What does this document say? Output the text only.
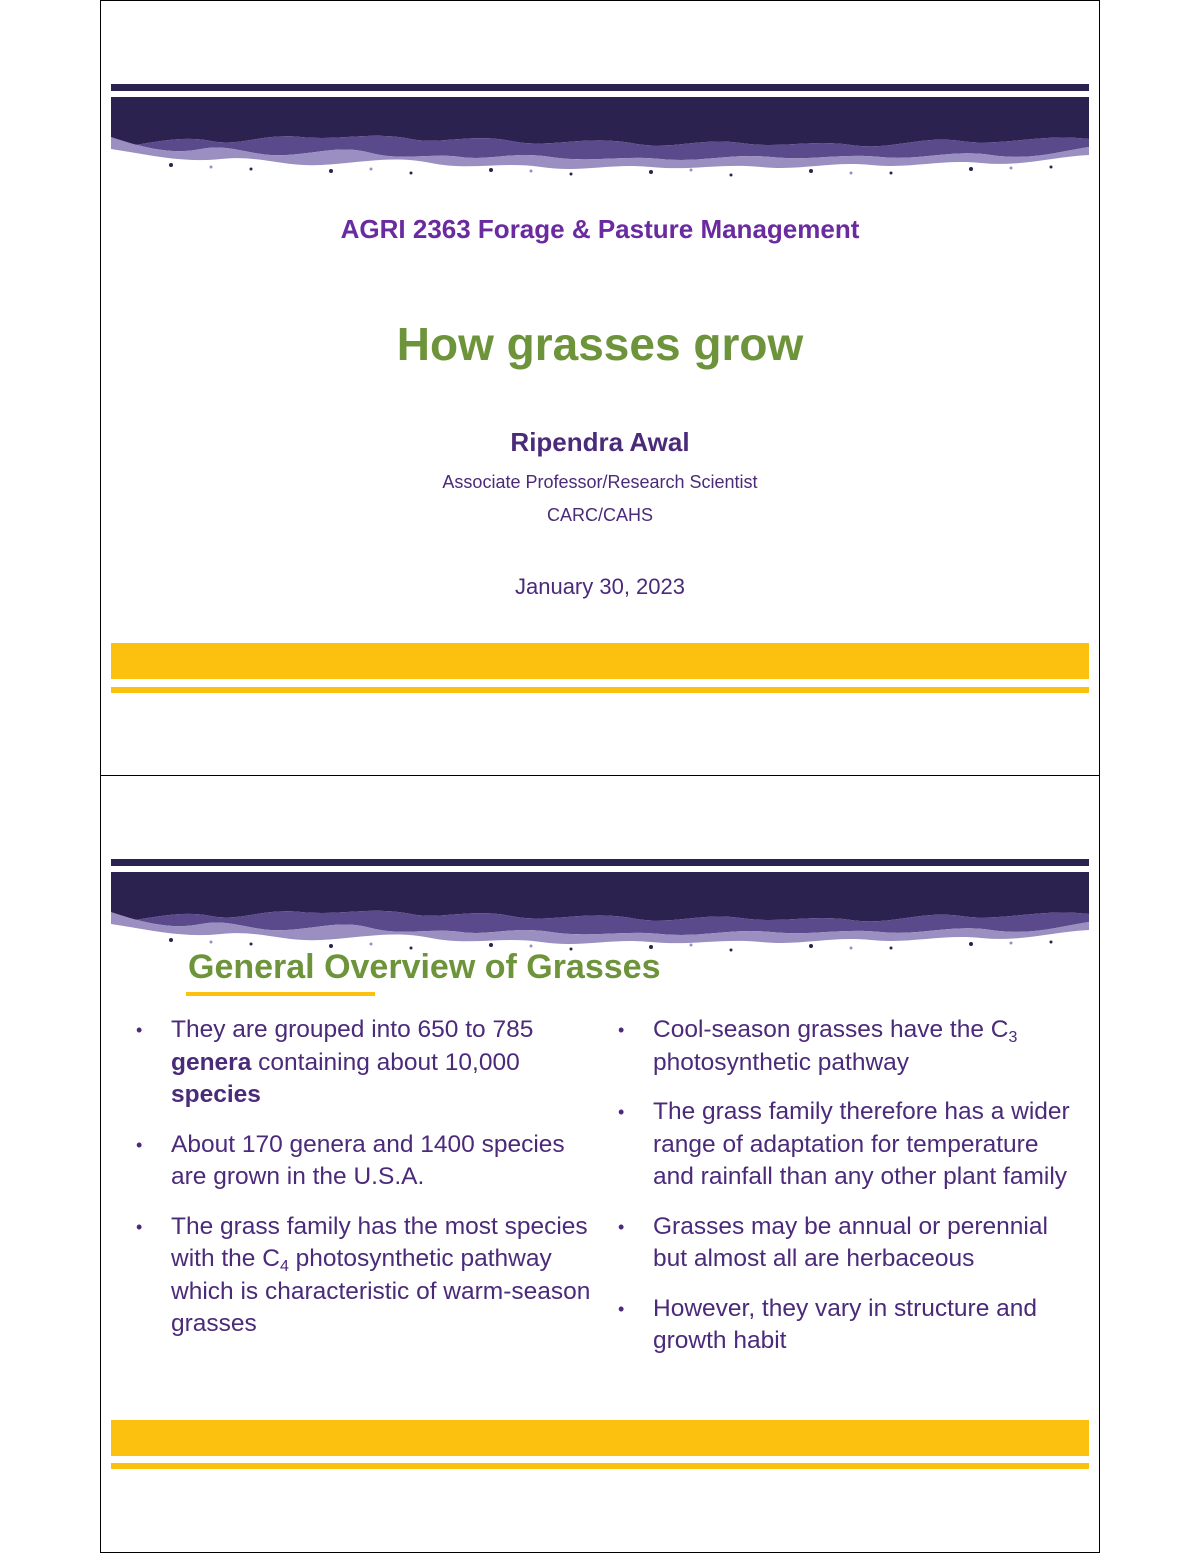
AGRI 2363 Forage & Pasture Management
How grasses grow
Ripendra Awal
Associate Professor/Research Scientist
CARC/CAHS
January 30, 2023
General Overview of Grasses
•
They are grouped into 650 to 785 genera containing about 10,000 species
•
About 170 genera and 1400 species are grown in the U.S.A.
•
The grass family has the most species with the $C_4$ photosynthetic pathway which is characteristic of warm-season grasses
•
Cool-season grasses have the $C_3$ photosynthetic pathway
•
The grass family therefore has a wider range of adaptation for temperature and rainfall than any other plant family
•
Grasses may be annual or perennial but almost all are herbaceous
•
However, they vary in structure and growth habit
